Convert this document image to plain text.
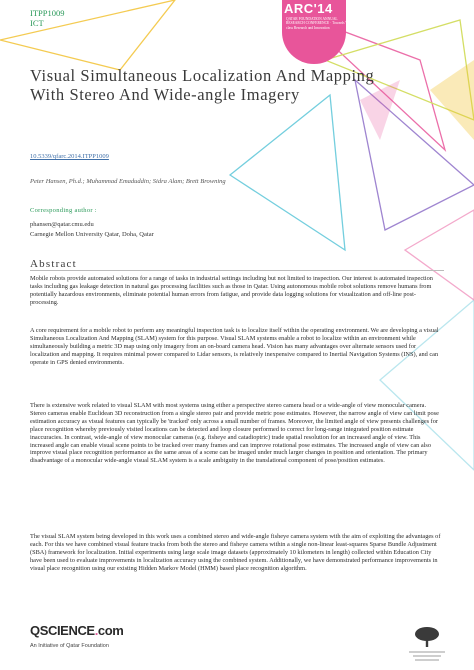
ITPP1009
ICT
ARC'14
QATAR FOUNDATION ANNUAL RESEARCH CONFERENCE · Towards World-class Research and Innovation
Visual Simultaneous Localization And Mapping
With Stereo And Wide-angle Imagery
10.5339/qfarc.2014.ITPP1009
Peter Hansen, Ph.d.; Muhammad Emaduddin; Sidra Alam; Brett Browning
Corresponding author :
phansen@qatar.cmu.edu
Carnegie Mellon University Qatar, Doha, Qatar
Abstract

Mobile robots provide automated solutions for a range of tasks in industrial settings including but not limited to inspection. Our interest is automated inspection tasks including gas leakage detection in natural gas processing facilities such as those in Qatar. Using autonomous mobile robot solutions remove humans from potentially hazardous environments, eliminate potential human errors from fatigue, and provide data logging solutions for visualization and off-line post-processing.

A core requirement for a mobile robot to perform any meaningful inspection task is to localize itself within the operating environment. We are developing a visual Simultaneous Localization And Mapping (SLAM) system for this purpose. Visual SLAM systems enable a robot to localize within an environment while simultaneously building a metric 3D map using only imagery from an on-board camera head. Vision has many advantages over alternate sensors used for localization and mapping. It requires minimal power compared to Lidar sensors, is relatively inexpensive compared to Inertial Navigation Systems (INS), and can operate in GPS denied environments.

There is extensive work related to visual SLAM with most systems using either a perspective stereo camera head or a wide-angle of view monocular camera. Stereo cameras enable Euclidean 3D reconstruction from a single stereo pair and provide metric pose estimates. However, the narrow angle of view can limit pose estimation accuracy as visual features can typically be 'tracked' only across a small number of frames. Moreover, the limited angle of view presents challenges for place recognition whereby previously visited locations can be detected and loop closure performed to correct for long-range integrated position estimate inaccuracies. In contrast, wide-angle of view monocular cameras (e.g. fisheye and catadioptric) trade spatial resolution for an increased angle of view. This increased angle can enable visual scene points to be tracked over many frames and can improve rotational pose estimates. The increased angle of view can also improve visual place recognition performance as the same areas of a scene can be imaged under much larger changes in position and orientation. The primary disadvantage of a monocular wide-angle visual SLAM system is a scale ambiguity in the translational component of pose/position estimates.

The visual SLAM system being developed in this work uses a combined stereo and wide-angle fisheye camera system with the aim of exploiting the advantages of each. For this we have combined visual feature tracks from both the stereo and fisheye camera within a single non-linear least-squares Sparse Bundle Adjustment (SBA) framework for localization. Initial experiments using large scale image datasets (approximately 10 kilometers in length) collected within Education City have been used to evaluate improvements in localization accuracy using the combined system. Additionally, we have demonstrated performance improvements in visual place recognition using our existing Hidden Markov Model (HMM) based place recognition algorithm.

QSCIENCE.com
An Initiative of Qatar Foundation
